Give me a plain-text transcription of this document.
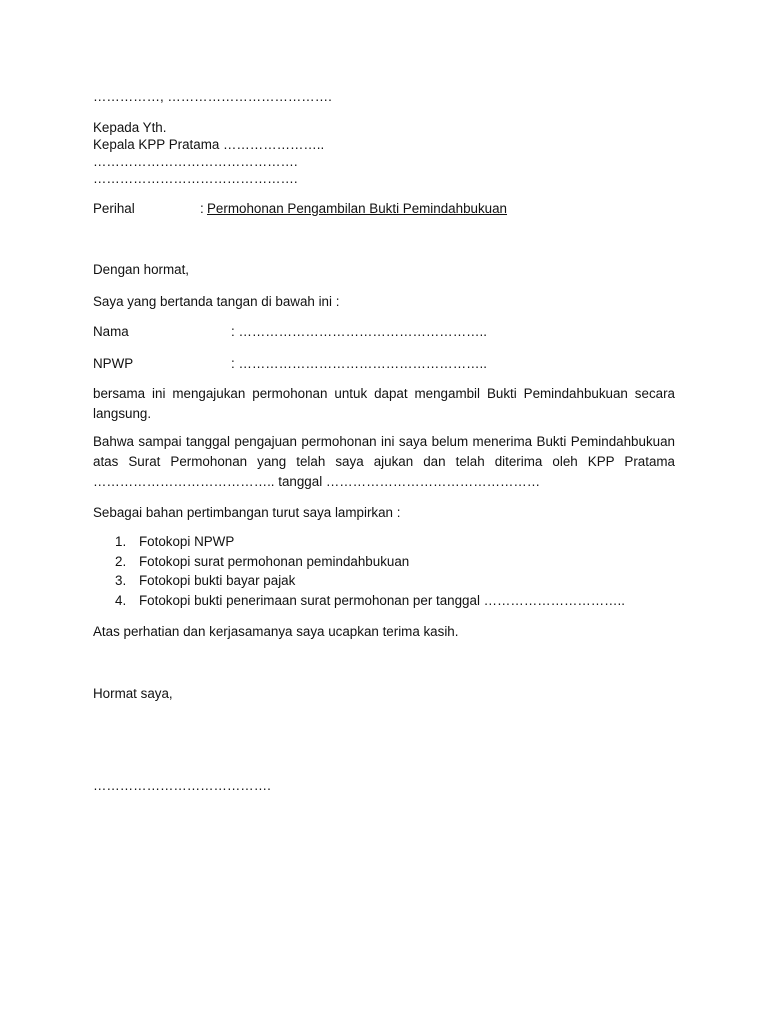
……………, ……………………………….
Kepada Yth.
Kepala KPP Pratama …………………..
……………………………………….
……………………………………….
Perihal	: Permohonan Pengambilan Bukti Pemindahbukuan
Dengan hormat,
Saya yang bertanda tangan di bawah ini :
Nama	: ………………………………………………..
NPWP	: ………………………………………………..
bersama ini mengajukan permohonan untuk dapat mengambil Bukti Pemindahbukuan secara langsung.
Bahwa sampai tanggal pengajuan permohonan ini saya belum menerima Bukti Pemindahbukuan atas Surat Permohonan yang telah saya ajukan dan telah diterima oleh KPP Pratama ………………………………….. tanggal …………………………………………
Sebagai bahan pertimbangan turut saya lampirkan :
1. Fotokopi NPWP
2. Fotokopi surat permohonan pemindahbukuan
3. Fotokopi bukti bayar pajak
4. Fotokopi bukti penerimaan surat permohonan per tanggal …………………………..
Atas perhatian dan kerjasamanya saya ucapkan terima kasih.
Hormat saya,
………………………………….
